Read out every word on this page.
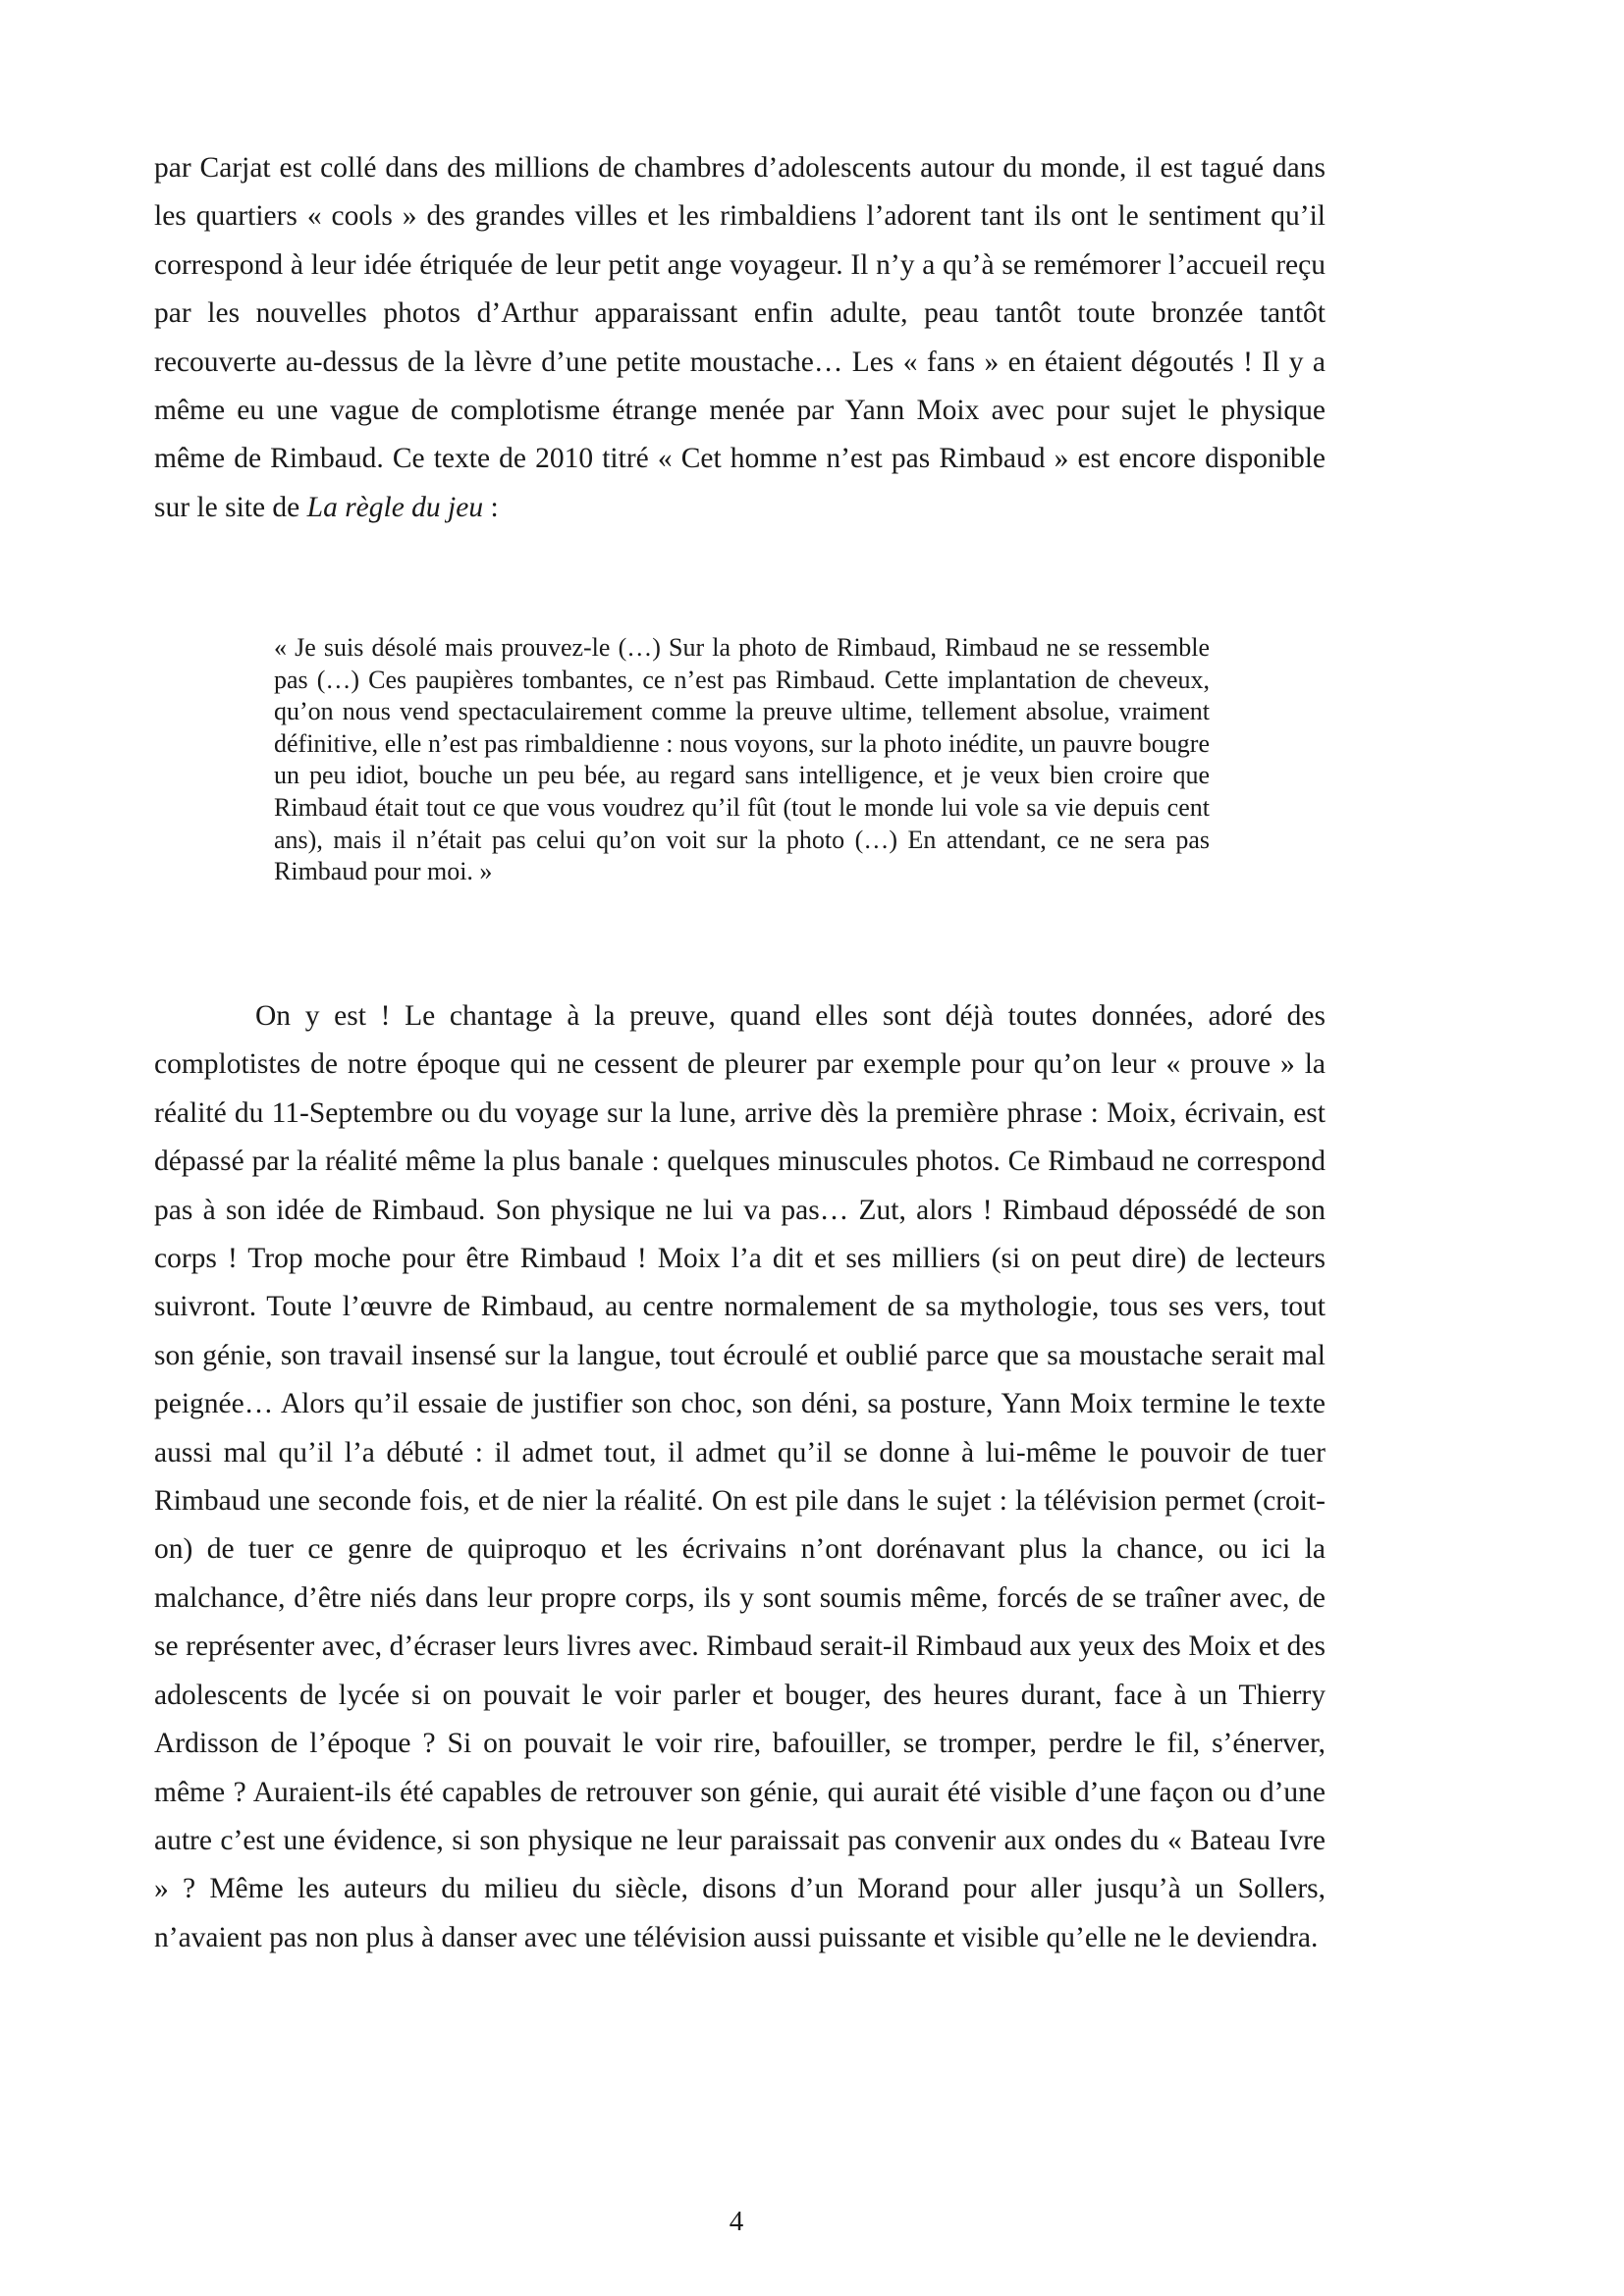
par Carjat est collé dans des millions de chambres d’adolescents autour du monde, il est tagué dans les quartiers « cools » des grandes villes et les rimbaldiens l’adorent tant ils ont le sentiment qu’il correspond à leur idée étriquée de leur petit ange voyageur. Il n’y a qu’à se remémorer l’accueil reçu par les nouvelles photos d’Arthur apparaissant enfin adulte, peau tantôt toute bronzée tantôt recouverte au-dessus de la lèvre d’une petite moustache… Les « fans » en étaient dégoutés ! Il y a même eu une vague de complotisme étrange menée par Yann Moix avec pour sujet le physique même de Rimbaud. Ce texte de 2010 titré « Cet homme n’est pas Rimbaud » est encore disponible sur le site de La règle du jeu :

« Je suis désolé mais prouvez-le (…) Sur la photo de Rimbaud, Rimbaud ne se ressemble pas (…) Ces paupières tombantes, ce n’est pas Rimbaud. Cette implantation de cheveux, qu’on nous vend spectaculairement comme la preuve ultime, tellement absolue, vraiment définitive, elle n’est pas rimbaldienne : nous voyons, sur la photo inédite, un pauvre bougre un peu idiot, bouche un peu bée, au regard sans intelligence, et je veux bien croire que Rimbaud était tout ce que vous voudrez qu’il fût (tout le monde lui vole sa vie depuis cent ans), mais il n’était pas celui qu’on voit sur la photo (…) En attendant, ce ne sera pas Rimbaud pour moi. »

On y est ! Le chantage à la preuve, quand elles sont déjà toutes données, adoré des complotistes de notre époque qui ne cessent de pleurer par exemple pour qu’on leur « prouve » la réalité du 11-Septembre ou du voyage sur la lune, arrive dès la première phrase : Moix, écrivain, est dépassé par la réalité même la plus banale : quelques minuscules photos. Ce Rimbaud ne correspond pas à son idée de Rimbaud. Son physique ne lui va pas… Zut, alors ! Rimbaud dépossédé de son corps ! Trop moche pour être Rimbaud ! Moix l’a dit et ses milliers (si on peut dire) de lecteurs suivront. Toute l’œuvre de Rimbaud, au centre normalement de sa mythologie, tous ses vers, tout son génie, son travail insensé sur la langue, tout écroulé et oublié parce que sa moustache serait mal peignée… Alors qu’il essaie de justifier son choc, son déni, sa posture, Yann Moix termine le texte aussi mal qu’il l’a débuté : il admet tout, il admet qu’il se donne à lui-même le pouvoir de tuer Rimbaud une seconde fois, et de nier la réalité. On est pile dans le sujet : la télévision permet (croit-on) de tuer ce genre de quiproquo et les écrivains n’ont dorénavant plus la chance, ou ici la malchance, d’être niés dans leur propre corps, ils y sont soumis même, forcés de se traîner avec, de se représenter avec, d’écraser leurs livres avec. Rimbaud serait-il Rimbaud aux yeux des Moix et des adolescents de lycée si on pouvait le voir parler et bouger, des heures durant, face à un Thierry Ardisson de l’époque ? Si on pouvait le voir rire, bafouiller, se tromper, perdre le fil, s’énerver, même ? Auraient-ils été capables de retrouver son génie, qui aurait été visible d’une façon ou d’une autre c’est une évidence, si son physique ne leur paraissait pas convenir aux ondes du « Bateau Ivre » ? Même les auteurs du milieu du siècle, disons d’un Morand pour aller jusqu’à un Sollers, n’avaient pas non plus à danser avec une télévision aussi puissante et visible qu’elle ne le deviendra.

4
